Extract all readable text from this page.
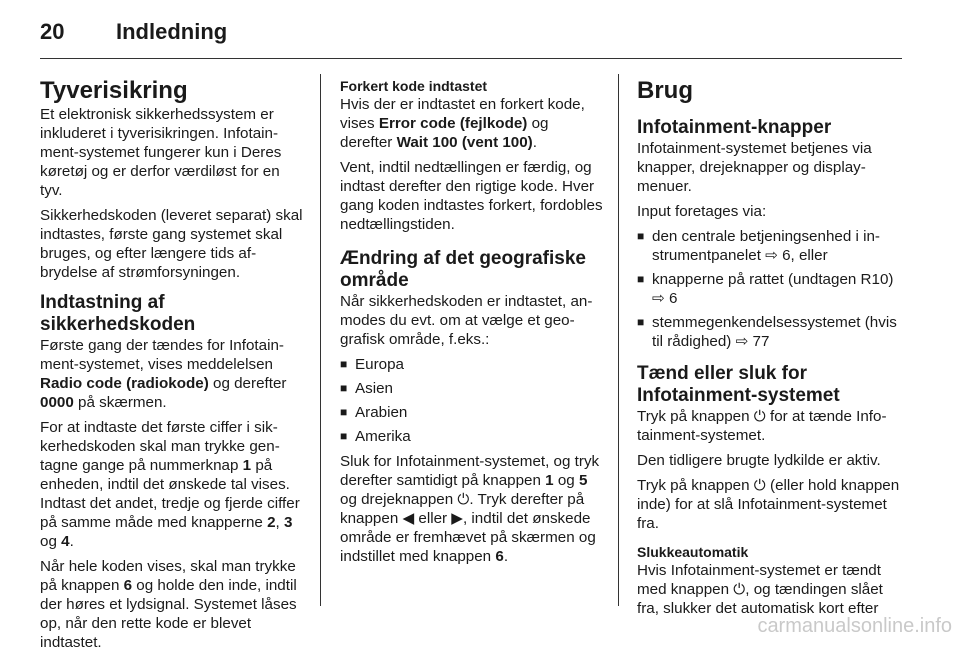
20 Indledning
Tyverisikring

Et elektronisk sikkerhedssystem er inkluderet i tyverisikringen. Infotainment-systemet fungerer kun i Deres køretøj og er derfor værdiløst for en tyv.

Sikkerhedskoden (leveret separat) skal indtastes, første gang systemet skal bruges, og efter længere tids afbrydelse af strømforsyningen.

Indtastning af sikkerhedskoden

Første gang der tændes for Infotainment-systemet, vises meddelelsen Radio code (radiokode) og derefter 0000 på skærmen.

For at indtaste det første ciffer i sikkerhedskoden skal man trykke gentagne gange på nummerknap 1 på enheden, indtil det ønskede tal vises. Indtast det andet, tredje og fjerde ciffer på samme måde med knapperne 2, 3 og 4.

Når hele koden vises, skal man trykke på knappen 6 og holde den inde, indtil der høres et lydsignal. Systemet låses op, når den rette kode er blevet indtastet.

Forkert kode indtastet

Hvis der er indtastet en forkert kode, vises Error code (fejlkode) og derefter Wait 100 (vent 100).

Vent, indtil nedtællingen er færdig, og indtast derefter den rigtige kode. Hver gang koden indtastes forkert, fordobles nedtællingstiden.

Ændring af det geografiske område

Når sikkerhedskoden er indtastet, anmodes du evt. om at vælge et geografisk område, f.eks.:

■ Europa
■ Asien
■ Arabien
■ Amerika

Sluk for Infotainment-systemet, og tryk derefter samtidigt på knappen 1 og 5 og drejeknappen ⏻. Tryk derefter på knappen ◀ eller ▶, indtil det ønskede område er fremhævet på skærmen og indstillet med knappen 6.

Brug
Infotainment-knapper

Infotainment-systemet betjenes via knapper, drejeknapper og displaymenuer.

Input foretages via:

■ den centrale betjeningsenhed i instrumentpanelet ⇨ 6, eller
■ knapperne på rattet (undtagen R10) ⇨ 6
■ stemmegenkendelsessystemet (hvis til rådighed) ⇨ 77
Tænd eller sluk for Infotainment-systemet

Tryk på knappen ⏻ for at tænde Infotainment-systemet.

Den tidligere brugte lydkilde er aktiv.

Tryk på knappen ⏻ (eller hold knappen inde) for at slå Infotainment-systemet fra.

Slukkeautomatik

Hvis Infotainment-systemet er tændt med knappen ⏻, og tændingen slået fra, slukker det automatisk kort efter

carmanualsonline.info
